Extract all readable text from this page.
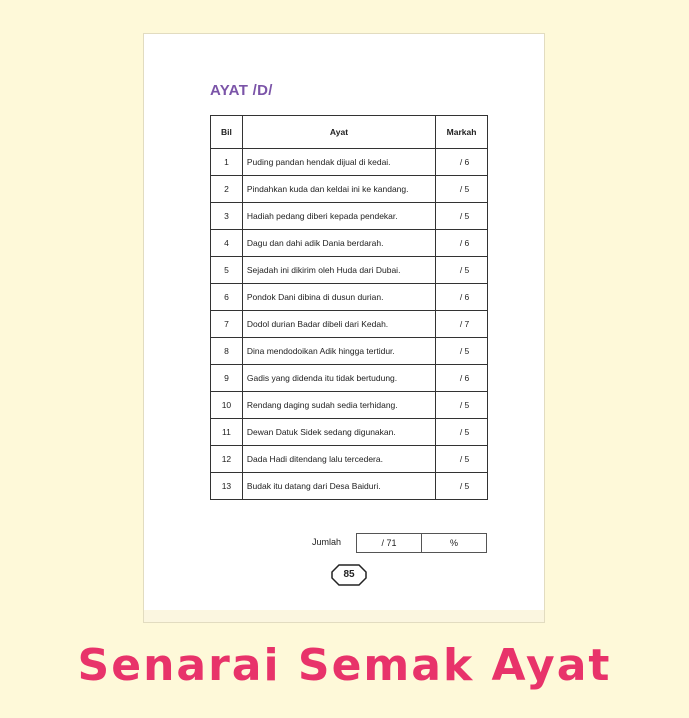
AYAT /D/
Bil	Ayat	Markah
1	Puding pandan hendak dijual di kedai.	/ 6
2	Pindahkan kuda dan keldai ini ke kandang.	/ 5
3	Hadiah pedang diberi kepada pendekar.	/ 5
4	Dagu dan dahi adik Dania berdarah.	/ 6
5	Sejadah ini dikirim oleh Huda dari Dubai.	/ 5
6	Pondok Dani dibina di dusun durian.	/ 6
7	Dodol durian Badar dibeli dari Kedah.	/ 7
8	Dina mendodoikan Adik hingga tertidur.	/ 5
9	Gadis yang didenda itu tidak bertudung.	/ 6
10	Rendang daging sudah sedia terhidang.	/ 5
11	Dewan Datuk Sidek sedang digunakan.	/ 5
12	Dada Hadi ditendang lalu tercedera.	/ 5
13	Budak itu datang dari Desa Baiduri.	/ 5
Jumlah	/ 71	%
85
Senarai Semak Ayat
